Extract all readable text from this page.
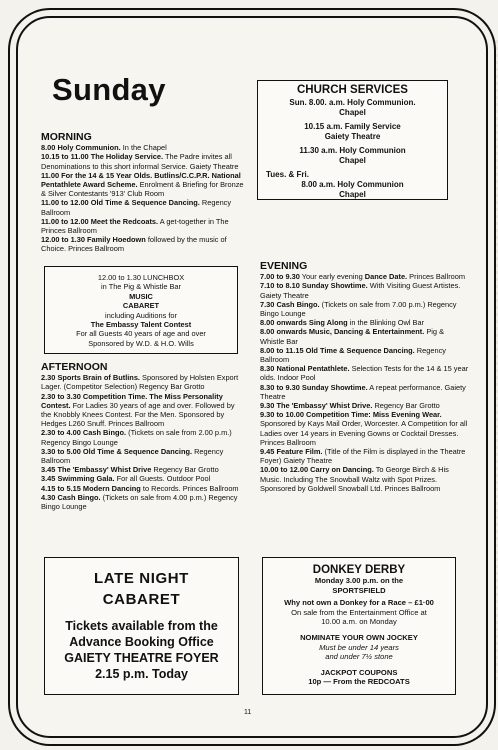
Sunday
MORNING

8.00 Holy Communion. In the Chapel

10.15 to 11.00 The Holiday Service. The Padre invites all Denominations to this short informal Service. Gaiety Theatre

11.00 For the 14 & 15 Year Olds. Butlins/C.C.P.R. National Pentathlete Award Scheme. Enrolment & Briefing for Bronze & Silver Contestants '913' Club Room

11.00 to 12.00 Old Time & Sequence Dancing. Regency Ballroom

11.00 to 12.00 Meet the Redcoats. A get-together in The Princes Ballroom

12.00 to 1.30 Family Hoedown followed by the music of Choice. Princes Ballroom

12.00 to 1.30 LUNCHBOX
in The Pig & Whistle Bar
MUSIC
CABARET
including Auditions for
The Embassy Talent Contest
For all Guests 40 years of age and over
Sponsored by W.D. & H.O. Wills
AFTERNOON

2.30 Sports Brain of Butlins. Sponsored by Holsten Export Lager. (Competitor Selection) Regency Bar Grotto

2.30 to 3.30 Competition Time. The Miss Personality Contest. For Ladies 30 years of age and over. Followed by the Knobbly Knees Contest. For the Men. Sponsored by Hedges L260 Snuff. Princes Ballroom

2.30 to 4.00 Cash Bingo. (Tickets on sale from 2.00 p.m.) Regency Bingo Lounge

3.30 to 5.00 Old Time & Sequence Dancing. Regency Ballroom

3.45 The 'Embassy' Whist Drive Regency Bar Grotto

3.45 Swimming Gala. For all Guests. Outdoor Pool

4.15 to 5.15 Modern Dancing to Records. Princes Ballroom

4.30 Cash Bingo. (Tickets on sale from 4.00 p.m.) Regency Bingo Lounge

CHURCH SERVICES
Sun. 8.00. a.m. Holy Communion.
Chapel
10.15 a.m. Family Service
Gaiety Theatre
11.30 a.m. Holy Communion
Chapel
Tues. & Fri.
8.00 a.m. Holy Communion
Chapel
EVENING

7.00 to 9.30 Your early evening Dance Date. Princes Ballroom

7.10 to 8.10 Sunday Showtime. With Visiting Guest Artistes. Gaiety Theatre

7.30 Cash Bingo. (Tickets on sale from 7.00 p.m.) Regency Bingo Lounge

8.00 onwards Sing Along in the Blinking Owl Bar

8.00 onwards Music, Dancing & Entertainment. Pig & Whistle Bar

8.00 to 11.15 Old Time & Sequence Dancing. Regency Ballroom

8.30 National Pentathlete. Selection Tests for the 14 & 15 year olds. Indoor Pool

8.30 to 9.30 Sunday Showtime. A repeat performance. Gaiety Theatre

9.30 The 'Embassy' Whist Drive. Regency Bar Grotto

9.30 to 10.00 Competition Time: Miss Evening Wear. Sponsored by Kays Mail Order, Worcester. A Competition for all Ladies over 14 years in Evening Gowns or Cocktail Dresses. Princes Ballroom

9.45 Feature Film. (Title of the Film is displayed in the Theatre Foyer) Gaiety Theatre

10.00 to 12.00 Carry on Dancing. To George Birch & His Music. Including The Snowball Waltz with Spot Prizes. Sponsored by Goldwell Snowball Ltd. Princes Ballroom

LATE NIGHT
CABARET
Tickets available from the
Advance Booking Office
GAIETY THEATRE FOYER
2.15 p.m. Today
DONKEY DERBY
Monday 3.00 p.m. on the
SPORTSFIELD
Why not own a Donkey for a Race – £1·00
On sale from the Entertainment Office at
10.00 a.m. on Monday
NOMINATE YOUR OWN JOCKEY
Must be under 14 years
and under 7½ stone
JACKPOT COUPONS
10p — From the REDCOATS
11
